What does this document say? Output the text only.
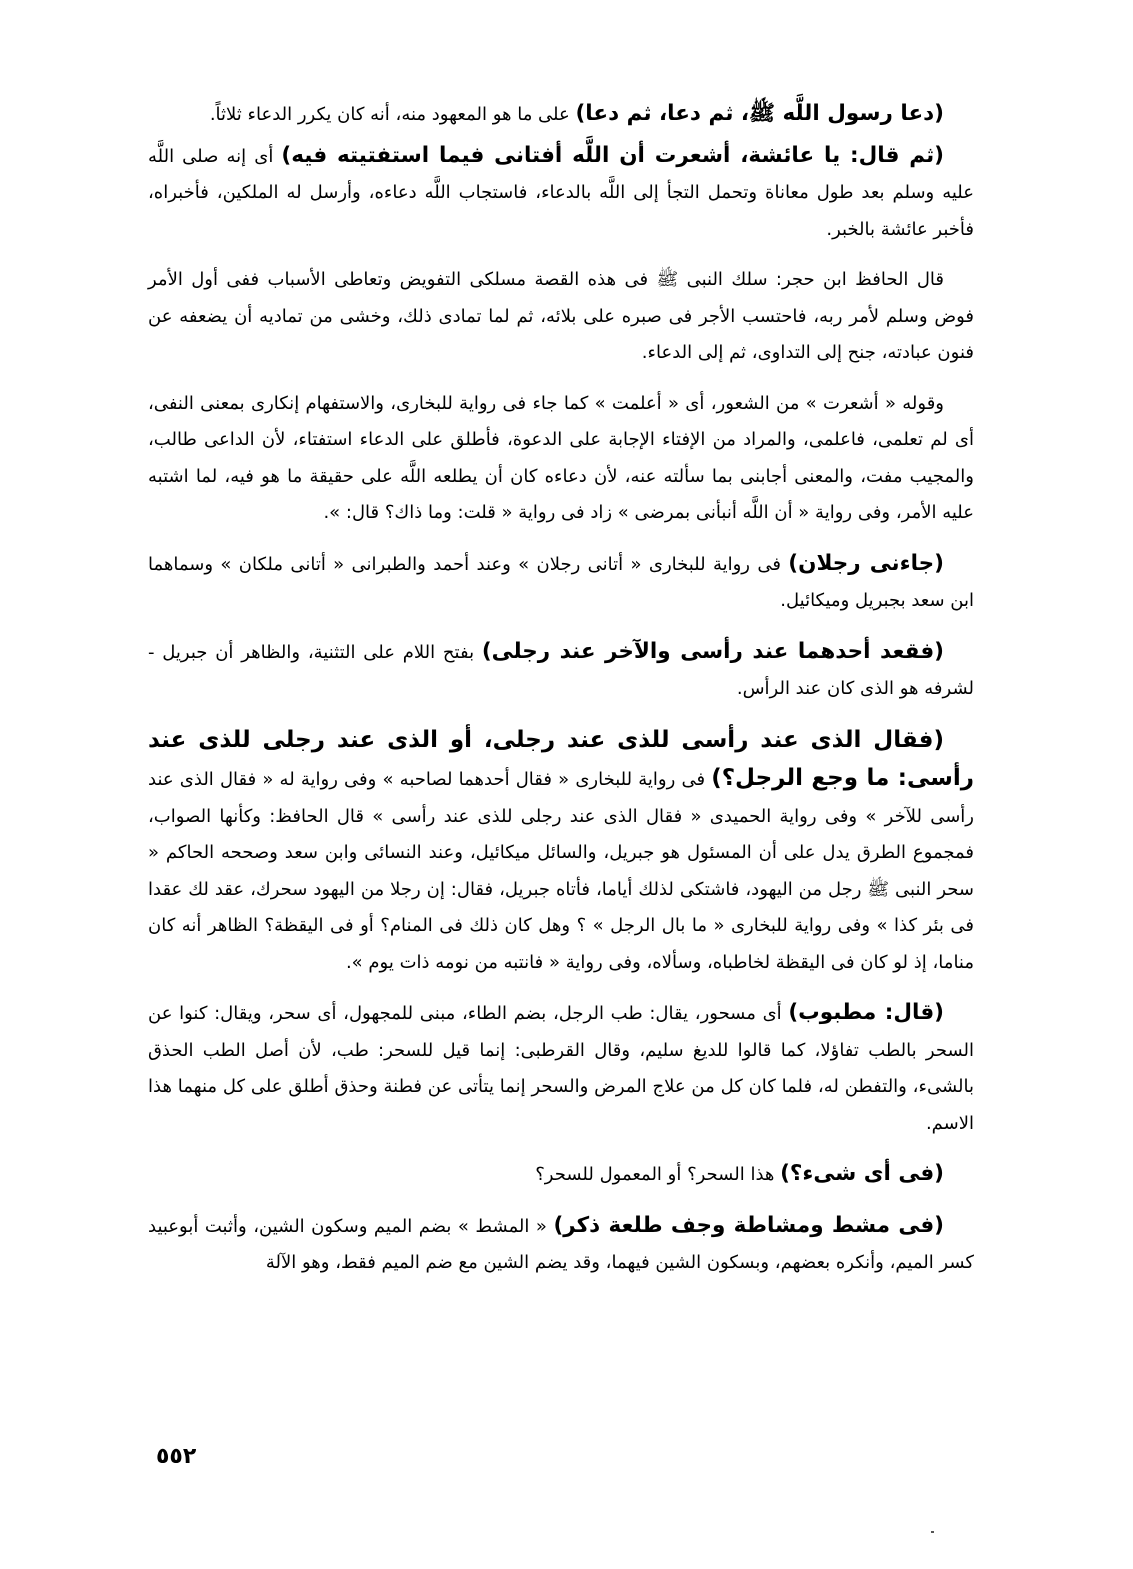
(دعا رسول اللَّه ﷺ، ثم دعا، ثم دعا) على ما هو المعهود منه، أنه كان يكرر الدعاء ثلاثاً.

(ثم قال: يا عائشة، أشعرت أن اللَّه أفتانى فيما استفتيته فيه) أى إنه صلى اللَّه عليه وسلم بعد طول معاناة وتحمل التجأ إلى اللَّه بالدعاء، فاستجاب اللَّه دعاءه، وأرسل له الملكين، فأخبراه، فأخبر عائشة بالخبر.

قال الحافظ ابن حجر: سلك النبى ﷺ فى هذه القصة مسلكى التفويض وتعاطى الأسباب ففى أول الأمر فوض وسلم لأمر ربه، فاحتسب الأجر فى صبره على بلائه، ثم لما تمادى ذلك، وخشى من تماديه أن يضعفه عن فنون عبادته، جنح إلى التداوى، ثم إلى الدعاء.

وقوله « أشعرت » من الشعور، أى « أعلمت » كما جاء فى رواية للبخارى، والاستفهام إنكارى بمعنى النفى، أى لم تعلمى، فاعلمى، والمراد من الإفتاء الإجابة على الدعوة، فأطلق على الدعاء استفتاء، لأن الداعى طالب، والمجيب مفت، والمعنى أجابنى بما سألته عنه، لأن دعاءه كان أن يطلعه اللَّه على حقيقة ما هو فيه، لما اشتبه عليه الأمر، وفى رواية « أن اللَّه أنبأنى بمرضى » زاد فى رواية « قلت: وما ذاك؟ قال: ».

(جاءنى رجلان) فى رواية للبخارى « أتانى رجلان » وعند أحمد والطبرانى « أتانى ملكان » وسماهما ابن سعد بجبريل وميكائيل.

(فقعد أحدهما عند رأسى والآخر عند رجلى) بفتح اللام على التثنية، والظاهر أن جبريل - لشرفه هو الذى كان عند الرأس.

(فقال الذى عند رأسى للذى عند رجلى، أو الذى عند رجلى للذى عند رأسى: ما وجع الرجل؟) فى رواية للبخارى « فقال أحدهما لصاحبه » وفى رواية له « فقال الذى عند رأسى للآخر » وفى رواية الحميدى « فقال الذى عند رجلى للذى عند رأسى » قال الحافظ: وكأنها الصواب، فمجموع الطرق يدل على أن المسئول هو جبريل، والسائل ميكائيل، وعند النسائى وابن سعد وصححه الحاكم « سحر النبى ﷺ رجل من اليهود، فاشتكى لذلك أياما، فأتاه جبريل، فقال: إن رجلا من اليهود سحرك، عقد لك عقدا فى بئر كذا » وفى رواية للبخارى « ما بال الرجل » ؟ وهل كان ذلك فى المنام؟ أو فى اليقظة؟ الظاهر أنه كان مناما، إذ لو كان فى اليقظة لخاطباه، وسألاه، وفى رواية « فانتبه من نومه ذات يوم ».

(قال: مطبوب) أى مسحور، يقال: طب الرجل، بضم الطاء، مبنى للمجهول، أى سحر، ويقال: كنوا عن السحر بالطب تفاؤلا، كما قالوا للديغ سليم، وقال القرطبى: إنما قيل للسحر: طب، لأن أصل الطب الحذق بالشىء، والتفطن له، فلما كان كل من علاج المرض والسحر إنما يتأتى عن فطنة وحذق أطلق على كل منهما هذا الاسم.

(فى أى شىء؟) هذا السحر؟ أو المعمول للسحر؟

(فى مشط ومشاطة وجف طلعة ذكر) « المشط » بضم الميم وسكون الشين، وأثبت أبوعبيد كسر الميم، وأنكره بعضهم، وبسكون الشين فيهما، وقد يضم الشين مع ضم الميم فقط، وهو الآلة

٥٥٢
